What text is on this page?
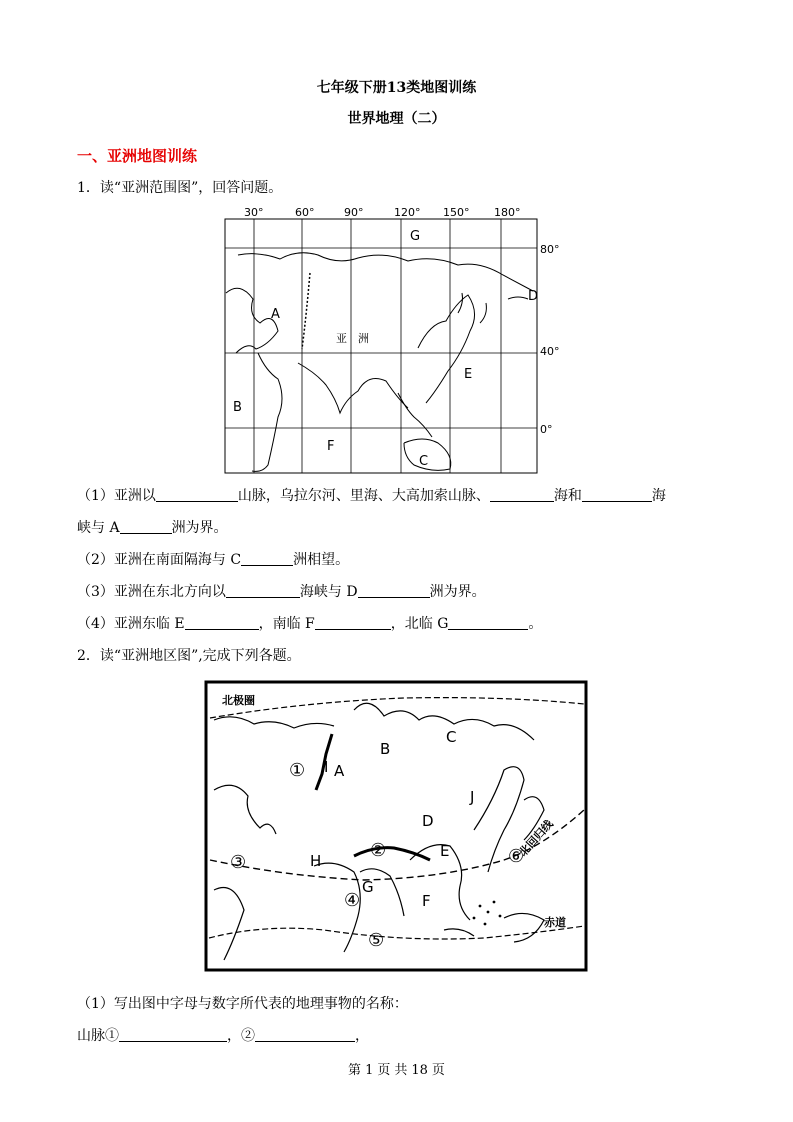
七年级下册13类地图训练
世界地理（二）
一、亚洲地图训练
1．读“亚洲范围图”，回答问题。
30°	60°	90°	120° 150° 180°
80°
40°
0°
G
A
B
E
F
C
D
亚　洲
（1）亚洲以	山脉，乌拉尔河、里海、大高加索山脉、	海和	海
峡与 A	洲为界。
（2）亚洲在南面隔海与 C	洲相望。
（3）亚洲在东北方向以	海峡与 D	洲为界。
（4）亚洲东临 E	，南临 F	，北临 G	。
2．读“亚洲地区图”,完成下列各题。
北极圈
北回归线
赤道
A
B
C
D
E
F
G
H
I
J
①
②
③
④
⑤
⑥
（1）写出图中字母与数字所代表的地理事物的名称：
山脉①	，②	，
第 1 页 共 18 页
